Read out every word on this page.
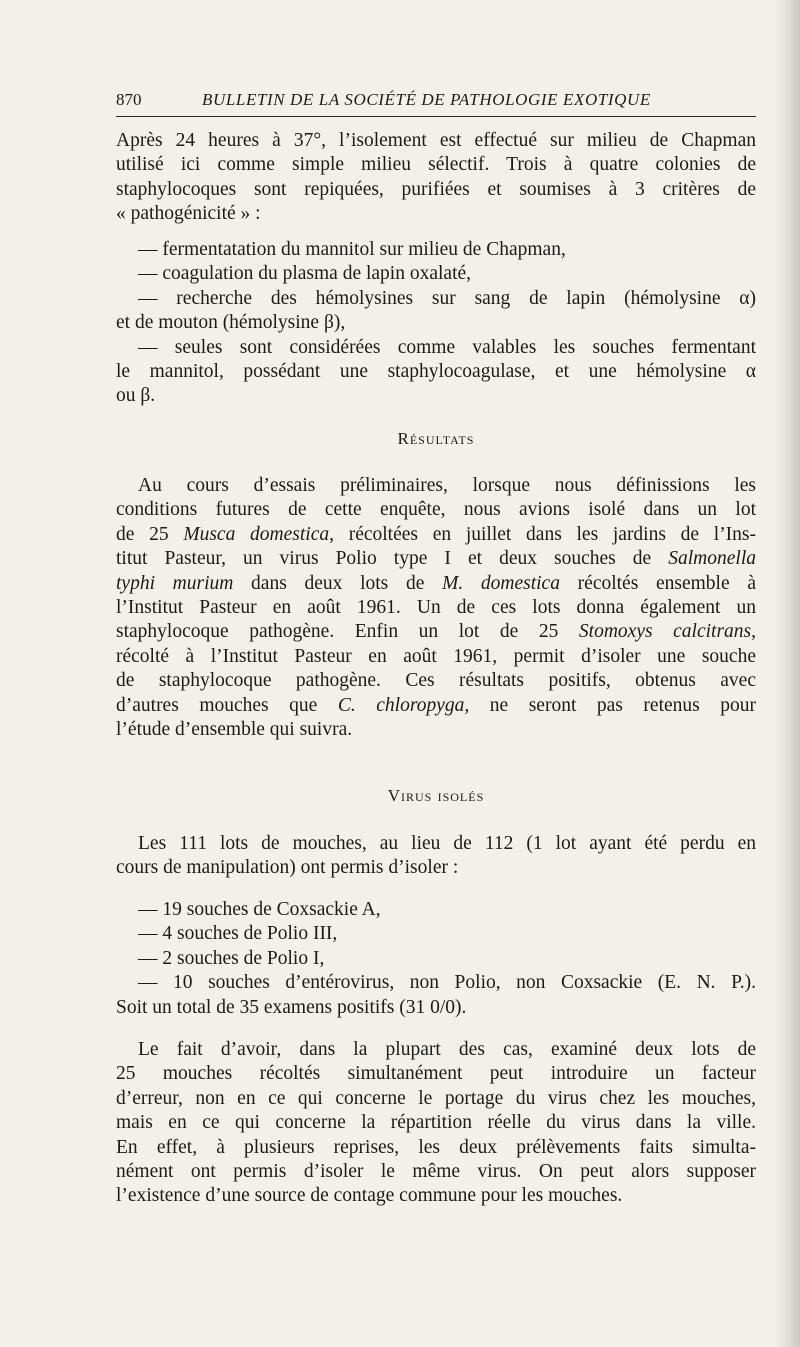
870	BULLETIN DE LA SOCIÉTÉ DE PATHOLOGIE EXOTIQUE
Après 24 heures à 37°, l’isolement est effectué sur milieu de Chapman
utilisé ici comme simple milieu sélectif. Trois à quatre colonies de
staphylocoques sont repiquées, purifiées et soumises à 3 critères de
« pathogénicité » :
— fermentatation du mannitol sur milieu de Chapman,
— coagulation du plasma de lapin oxalaté,
— recherche des hémolysines sur sang de lapin (hémolysine α)
et de mouton (hémolysine β),
— seules sont considérées comme valables les souches fermentant
le mannitol, possédant une staphylocoagulase, et une hémolysine α
ou β.
Résultats
Au cours d’essais préliminaires, lorsque nous définissions les
conditions futures de cette enquête, nous avions isolé dans un lot
de 25 Musca domestica, récoltées en juillet dans les jardins de l’Ins-
titut Pasteur, un virus Polio type I et deux souches de Salmonella
typhi murium dans deux lots de M. domestica récoltés ensemble à
l’Institut Pasteur en août 1961. Un de ces lots donna également un
staphylocoque pathogène. Enfin un lot de 25 Stomoxys calcitrans,
récolté à l’Institut Pasteur en août 1961, permit d’isoler une souche
de staphylocoque pathogène. Ces résultats positifs, obtenus avec
d’autres mouches que C. chloropyga, ne seront pas retenus pour
l’étude d’ensemble qui suivra.
Virus isolés
Les 111 lots de mouches, au lieu de 112 (1 lot ayant été perdu en
cours de manipulation) ont permis d’isoler :
— 19 souches de Coxsackie A,
— 4 souches de Polio III,
— 2 souches de Polio I,
— 10 souches d’entérovirus, non Polio, non Coxsackie (E. N. P.).
Soit un total de 35 examens positifs (31 0/0).
Le fait d’avoir, dans la plupart des cas, examiné deux lots de
25 mouches récoltés simultanément peut introduire un facteur
d’erreur, non en ce qui concerne le portage du virus chez les mouches,
mais en ce qui concerne la répartition réelle du virus dans la ville.
En effet, à plusieurs reprises, les deux prélèvements faits simulta-
nément ont permis d’isoler le même virus. On peut alors supposer
l’existence d’une source de contage commune pour les mouches.
